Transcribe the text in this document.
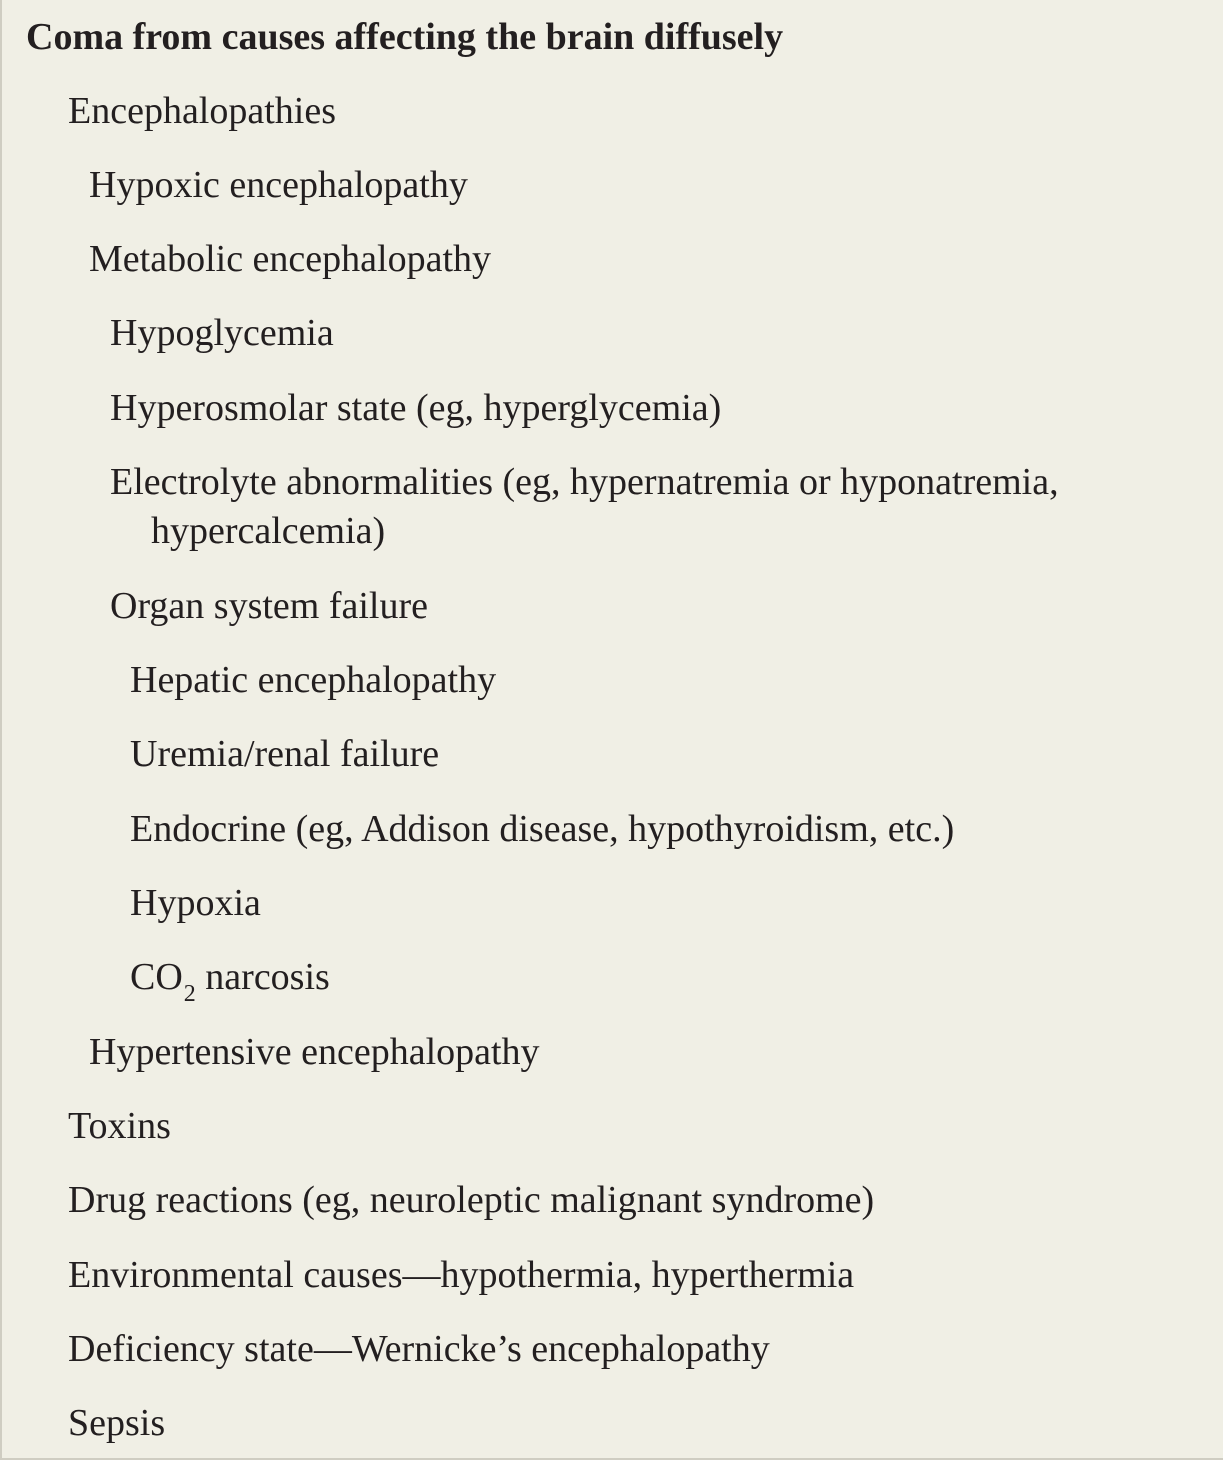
Coma from causes affecting the brain diffusely
Encephalopathies
Hypoxic encephalopathy
Metabolic encephalopathy
Hypoglycemia
Hyperosmolar state (eg, hyperglycemia)
Electrolyte abnormalities (eg, hypernatremia or hyponatremia,
hypercalcemia)
Organ system failure
Hepatic encephalopathy
Uremia/renal failure
Endocrine (eg, Addison disease, hypothyroidism, etc.)
Hypoxia
$CO_2$ narcosis
Hypertensive encephalopathy
Toxins
Drug reactions (eg, neuroleptic malignant syndrome)
Environmental causes—hypothermia, hyperthermia
Deficiency state—Wernicke’s encephalopathy
Sepsis
